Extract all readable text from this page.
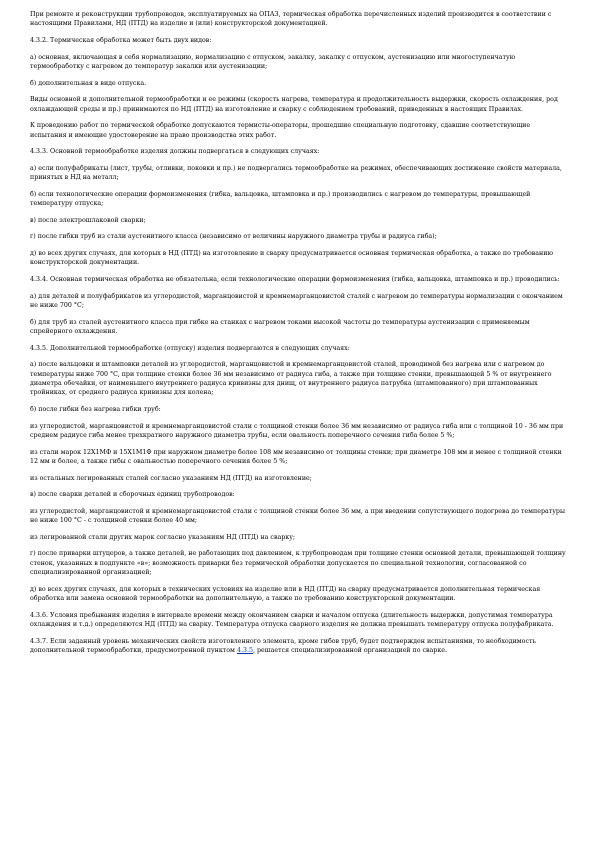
При ремонте и реконструкции трубопроводов, эксплуатируемых на ОПАЗ, термическая обработка перечисленных изделий производится в соответствии с настоящими Правилами, НД (ПТД) на изделие и (или) конструкторской документацией.

4.3.2. Термическая обработка может быть двух видов:

а) основная, включающая в себя нормализацию, нормализацию с отпуском, закалку, закалку с отпуском, аустенизацию или многоступенчатую термообработку с нагревом до температур закалки или аустенизации;

б) дополнительная в виде отпуска.

Виды основной и дополнительной термообработки и ее режимы (скорость нагрева, температура и продолжительность выдержки, скорость охлаждения, род охлаждающей среды и пр.) принимаются по НД (ПТД) на изготовление и сварку с соблюдением требований, приведенных в настоящих Правилах.

К проведению работ по термической обработке допускаются термисты-операторы, прошедшие специальную подготовку, сдавшие соответствующие испытания и имеющие удостоверение на право производства этих работ.

4.3.3. Основной термообработке изделия должны подвергаться в следующих случаях:

а) если полуфабрикаты (лист, трубы, отливки, поковки и пр.) не подвергались термообработке на режимах, обеспечивающих достижение свойств материала, принятых в НД на металл;

б) если технологические операции формоизменения (гибка, вальцовка, штамповка и пр.) производились с нагревом до температуры, превышающей температуру отпуска;

в) после электрошлаковой сварки;

г) после гибки труб из стали аустенитного класса (независимо от величины наружного диаметра трубы и радиуса гиба);

д) во всех других случаях, для которых в НД (ПТД) на изготовление и сварку предусматривается основная термическая обработка, а также по требованию конструкторской документации.

4.3.4. Основная термическая обработка не обязательна, если технологические операции формоизменения (гибка, вальцовка, штамповка и пр.) проводились:

а) для деталей и полуфабрикатов из углеродистой, марганцовистой и кремнемарганцовистой сталей с нагревом до температуры нормализации с окончанием не ниже 700 °C;

б) для труб из сталей аустенитного класса при гибке на станках с нагревом токами высокой частоты до температуры аустенизации с применяемым спрейерного охлаждения.

4.3.5. Дополнительной термообработке (отпуску) изделия подвергаются в следующих случаях:

а) после вальцовки и штамповки деталей из углеродистой, марганцовистой и кремнемарганцовистой сталей, проводимой без нагрева или с нагревом до температуры ниже 700 °C, при толщине стенки более 36 мм независимо от радиуса гиба, а также при толщине стенки, превышающей 5 % от внутреннего диаметра обечайки, от наименьшего внутреннего радиуса кривизны для днищ, от внутреннего радиуса патрубка (штампованного) при штампованных тройниках, от среднего радиуса кривизны для колена;

б) после гибки без нагрева гибки труб:

из углеродистой, марганцовистой и кремнемарганцовистой стали с толщиной стенки более 36 мм независимо от радиуса гиба или с толщиной 10 - 36 мм при среднем радиусе гиба менее трехкратного наружного диаметра трубы, если овальность поперечного сечения гиба более 5 %;

из стали марок 12Х1МФ и 15Х1М1Ф при наружном диаметре более 108 мм независимо от толщины стенки; при диаметре 108 мм и менее с толщиной стенки 12 мм и более, а также гибы с овальностью поперечного сечения более 5 %;

из остальных легированных сталей согласно указаниям НД (ПТД) на изготовление;

в) после сварки деталей и сборочных единиц трубопроводов:

из углеродистой, марганцовистой и кремнемарганцовистой стали с толщиной стенки более 36 мм, а при введении сопутствующего подогрева до температуры не ниже 100 °C - с толщиной стенки более 40 мм;

из легированной стали других марок согласно указаниям НД (ПТД) на сварку;

г) после приварки штуцеров, а также деталей, не работающих под давлением, к трубопроводам при толщине стенки основной детали, превышающей толщину стенок, указанных в подпункте «в»; возможность приварки без термической обработки допускается по специальной технологии, согласованной со специализированной организацией;

д) во всех других случаях, для которых в технических условиях на изделие или в НД (ПТД) на сварку предусматривается дополнительная термическая обработка или замена основной термообработки на дополнительную, а также по требованию конструкторской документации.

4.3.6. Условия пребывания изделия в интервале времени между окончанием сварки и началом отпуска (длительность выдержки, допустимая температура охлаждения и т.д.) определяются НД (ПТД) на сварку. Температура отпуска сварного изделия не должна превышать температуру отпуска полуфабриката.

4.3.7. Если заданный уровень механических свойств изготовленного элемента, кроме гибов труб, будет подтвержден испытаниями, то необходимость дополнительной термообработки, предусмотренной пунктом 4.3.5, решается специализированной организацией по сварке.
